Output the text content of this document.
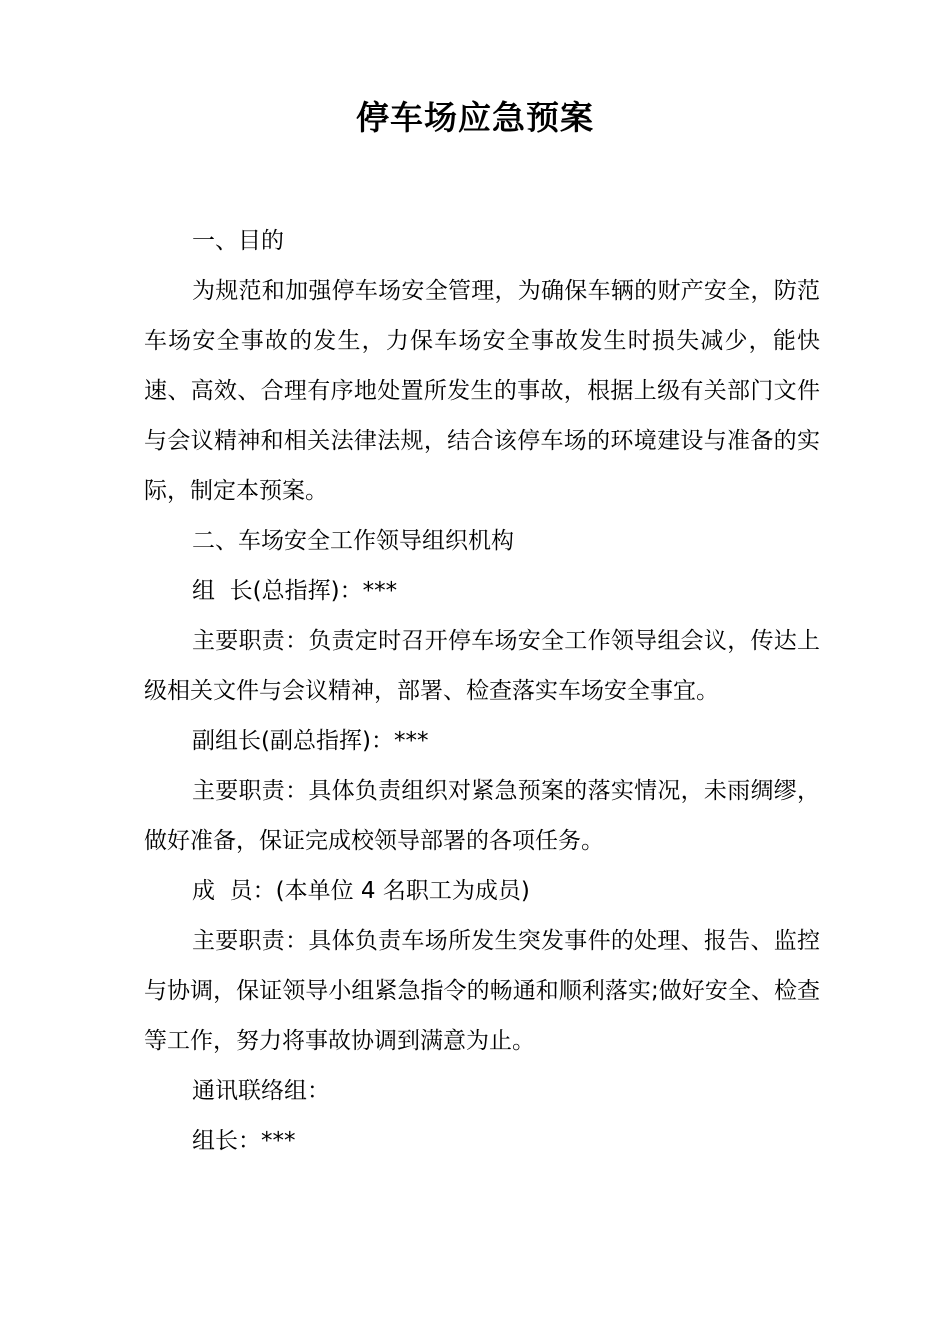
停车场应急预案

一、目的

为规范和加强停车场安全管理，为确保车辆的财产安全，防范车场安全事故的发生，力保车场安全事故发生时损失减少，能快速、高效、合理有序地处置所发生的事故，根据上级有关部门文件与会议精神和相关法律法规，结合该停车场的环境建设与准备的实际，制定本预案。

二、车场安全工作领导组织机构

组  长(总指挥)：***

主要职责：负责定时召开停车场安全工作领导组会议，传达上级相关文件与会议精神，部署、检查落实车场安全事宜。

副组长(副总指挥)：***

主要职责：具体负责组织对紧急预案的落实情况，未雨绸缪，做好准备，保证完成校领导部署的各项任务。

成  员：(本单位 4 名职工为成员)

主要职责：具体负责车场所发生突发事件的处理、报告、监控与协调，保证领导小组紧急指令的畅通和顺利落实;做好安全、检查等工作，努力将事故协调到满意为止。

通讯联络组：

组长：***
